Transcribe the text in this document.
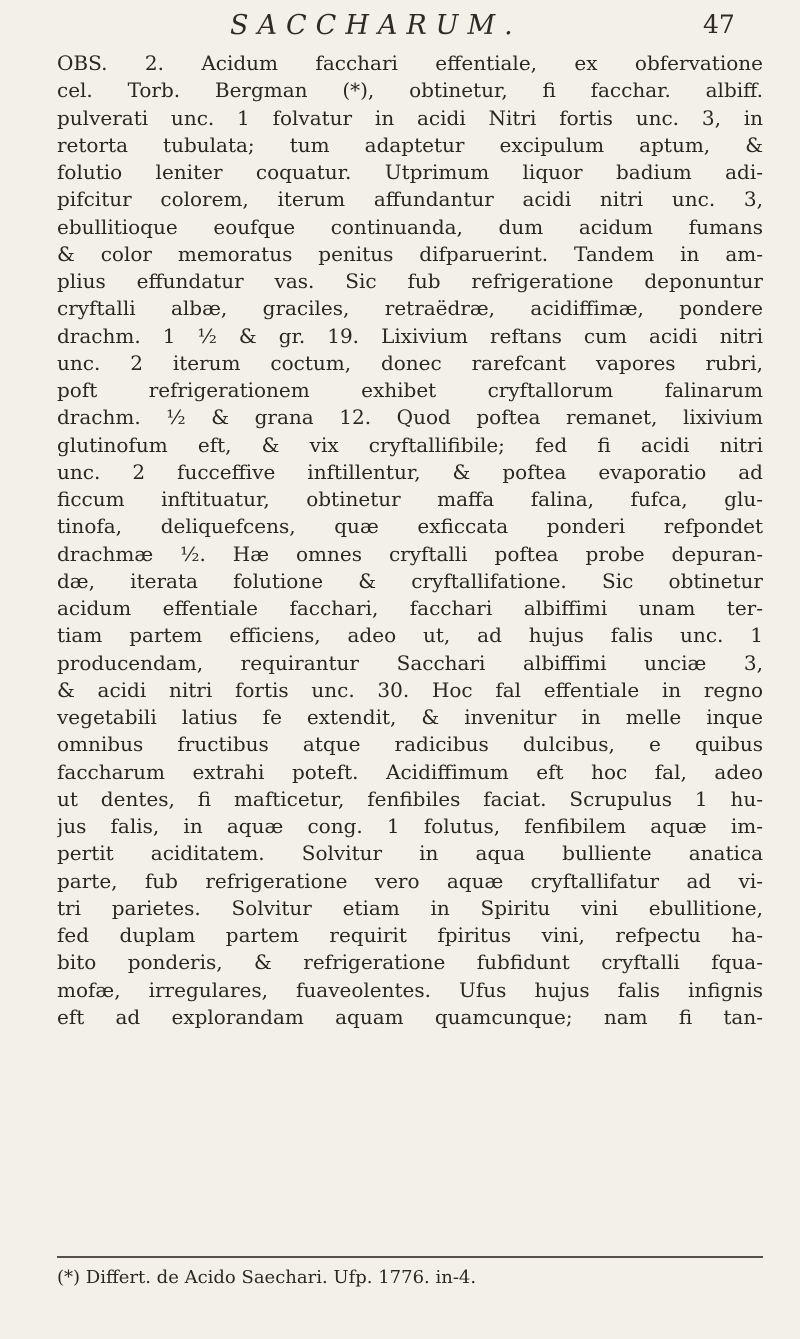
SACCHARUM.	47
OBS. 2. Acidum facchari effentiale, ex obfervatione
cel. Torb. Bergman (*), obtinetur, fi facchar. albiff.
pulverati unc. 1 folvatur in acidi Nitri fortis unc. 3, in
retorta tubulata; tum adaptetur excipulum aptum, &
folutio leniter coquatur. Utprimum liquor badium adi-
pifcitur colorem, iterum affundantur acidi nitri unc. 3,
ebullitioque eoufque continuanda, dum acidum fumans
& color memoratus penitus difparuerint. Tandem in am-
plius effundatur vas. Sic fub refrigeratione deponuntur
cryftalli albæ, graciles, retraëdræ, acidiffimæ, pondere
drachm. 1 ½ & gr. 19. Lixivium reftans cum acidi nitri
unc. 2 iterum coctum, donec rarefcant vapores rubri,
poft refrigerationem exhibet cryftallorum falinarum
drachm. ½ & grana 12. Quod poftea remanet, lixivium
glutinofum eft, & vix cryftallifibile; fed fi acidi nitri
unc. 2 fucceffive inftillentur, & poftea evaporatio ad
ficcum inftituatur, obtinetur maffa falina, fufca, glu-
tinofa, deliquefcens, quæ exficcata ponderi refpondet
drachmæ ½. Hæ omnes cryftalli poftea probe depuran-
dæ, iterata folutione & cryftallifatione. Sic obtinetur
acidum effentiale facchari, facchari albiffimi unam ter-
tiam partem efficiens, adeo ut, ad hujus falis unc. 1
producendam, requirantur Sacchari albiffimi unciæ 3,
& acidi nitri fortis unc. 30. Hoc fal effentiale in regno
vegetabili latius fe extendit, & invenitur in melle inque
omnibus fructibus atque radicibus dulcibus, e quibus
faccharum extrahi poteft. Acidiffimum eft hoc fal, adeo
ut dentes, fi mafticetur, fenfibiles faciat. Scrupulus 1 hu-
jus falis, in aquæ cong. 1 folutus, fenfibilem aquæ im-
pertit aciditatem. Solvitur in aqua bulliente anatica
parte, fub refrigeratione vero aquæ cryftallifatur ad vi-
tri parietes. Solvitur etiam in Spiritu vini ebullitione,
fed duplam partem requirit fpiritus vini, refpectu ha-
bito ponderis, & refrigeratione fubfidunt cryftalli fqua-
mofæ, irregulares, fuaveolentes. Ufus hujus falis infignis
eft ad explorandam aquam quamcunque; nam fi tan-
(*) Differt. de Acido Saechari. Ufp. 1776. in-4.
